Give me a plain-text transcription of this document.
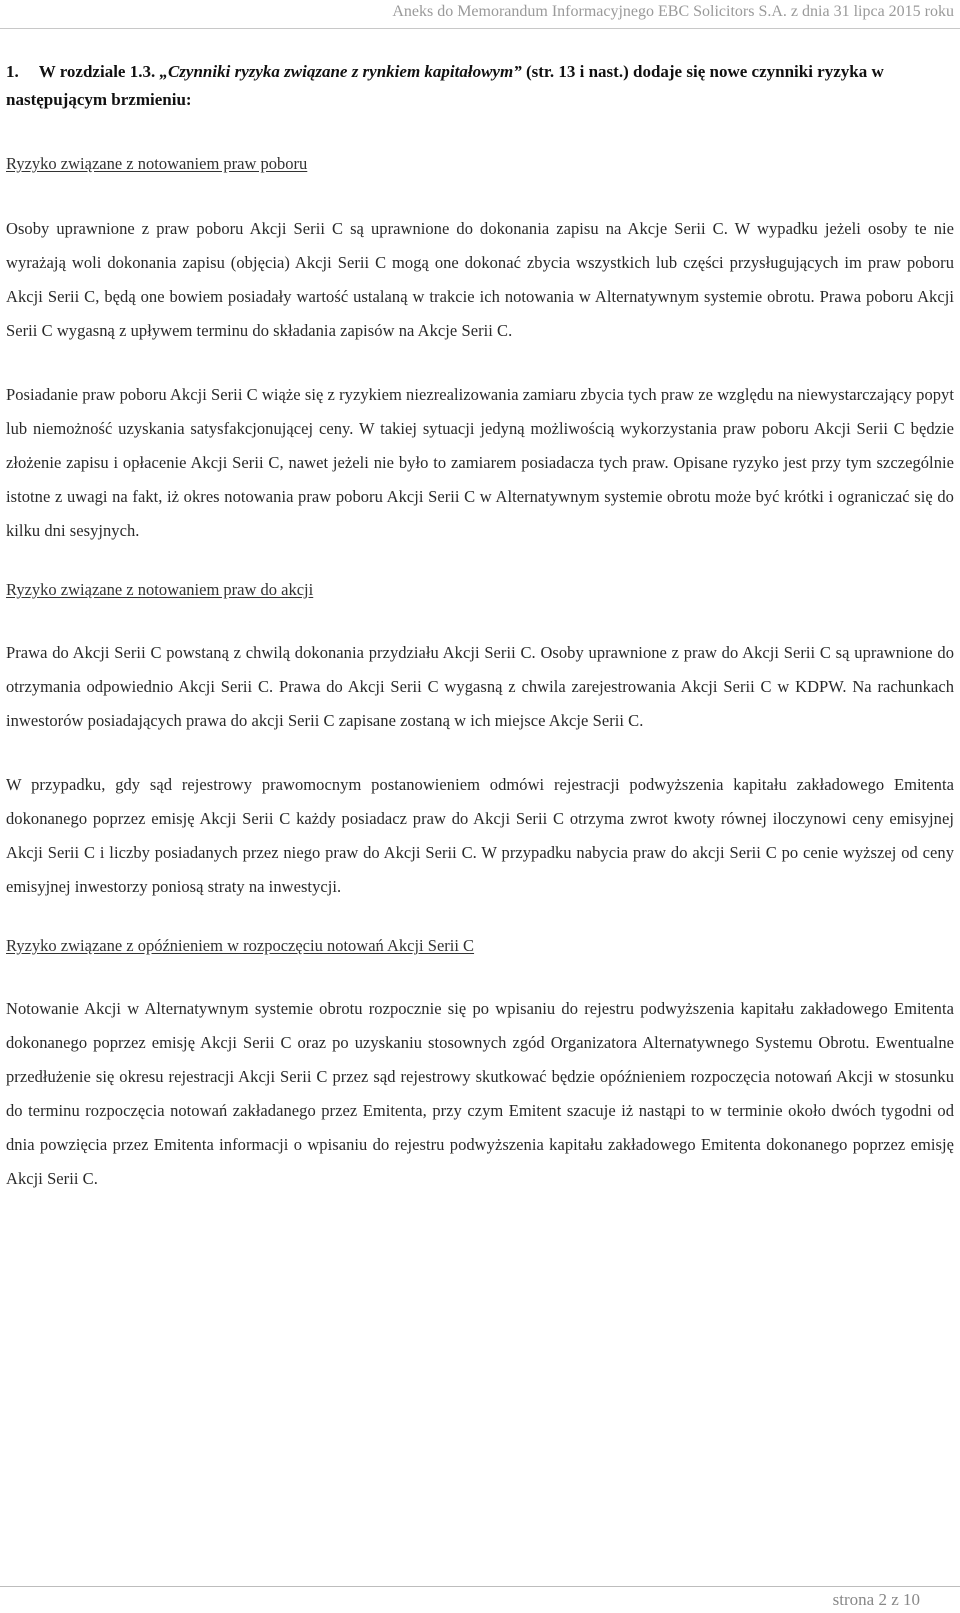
Aneks do Memorandum Informacyjnego EBC Solicitors S.A. z dnia 31 lipca 2015 roku

1. W rozdziale 1.3. „Czynniki ryzyka związane z rynkiem kapitałowym” (str. 13 i nast.) dodaje się nowe czynniki ryzyka w następującym brzmieniu:

Ryzyko związane z notowaniem praw poboru

Osoby uprawnione z praw poboru Akcji Serii C są uprawnione do dokonania zapisu na Akcje Serii C. W wypadku jeżeli osoby te nie wyrażają woli dokonania zapisu (objęcia) Akcji Serii C mogą one dokonać zbycia wszystkich lub części przysługujących im praw poboru Akcji Serii C, będą one bowiem posiadały wartość ustalaną w trakcie ich notowania w Alternatywnym systemie obrotu. Prawa poboru Akcji Serii C wygasną z upływem terminu do składania zapisów na Akcje Serii C.

Posiadanie praw poboru Akcji Serii C wiąże się z ryzykiem niezrealizowania zamiaru zbycia tych praw ze względu na niewystarczający popyt lub niemożność uzyskania satysfakcjonującej ceny. W takiej sytuacji jedyną możliwością wykorzystania praw poboru Akcji Serii C będzie złożenie zapisu i opłacenie Akcji Serii C, nawet jeżeli nie było to zamiarem posiadacza tych praw. Opisane ryzyko jest przy tym szczególnie istotne z uwagi na fakt, iż okres notowania praw poboru Akcji Serii C w Alternatywnym systemie obrotu może być krótki i ograniczać się do kilku dni sesyjnych.

Ryzyko związane z notowaniem praw do akcji

Prawa do Akcji Serii C powstaną z chwilą dokonania przydziału Akcji Serii C. Osoby uprawnione z praw do Akcji Serii C są uprawnione do otrzymania odpowiednio Akcji Serii C. Prawa do Akcji Serii C wygasną z chwila zarejestrowania Akcji Serii C w KDPW. Na rachunkach inwestorów posiadających prawa do akcji Serii C zapisane zostaną w ich miejsce Akcje Serii C.

W przypadku, gdy sąd rejestrowy prawomocnym postanowieniem odmówi rejestracji podwyższenia kapitału zakładowego Emitenta dokonanego poprzez emisję Akcji Serii C każdy posiadacz praw do Akcji Serii C otrzyma zwrot kwoty równej iloczynowi ceny emisyjnej Akcji Serii C i liczby posiadanych przez niego praw do Akcji Serii C. W przypadku nabycia praw do akcji Serii C po cenie wyższej od ceny emisyjnej inwestorzy poniosą straty na inwestycji.

Ryzyko związane z opóźnieniem w rozpoczęciu notowań Akcji Serii C

Notowanie Akcji w Alternatywnym systemie obrotu rozpocznie się po wpisaniu do rejestru podwyższenia kapitału zakładowego Emitenta dokonanego poprzez emisję Akcji Serii C oraz po uzyskaniu stosownych zgód Organizatora Alternatywnego Systemu Obrotu. Ewentualne przedłużenie się okresu rejestracji Akcji Serii C przez sąd rejestrowy skutkować będzie opóźnieniem rozpoczęcia notowań Akcji w stosunku do terminu rozpoczęcia notowań zakładanego przez Emitenta, przy czym Emitent szacuje iż nastąpi to w terminie około dwóch tygodni od dnia powzięcia przez Emitenta informacji o wpisaniu do rejestru podwyższenia kapitału zakładowego Emitenta dokonanego poprzez emisję Akcji Serii C.

strona 2 z 10
